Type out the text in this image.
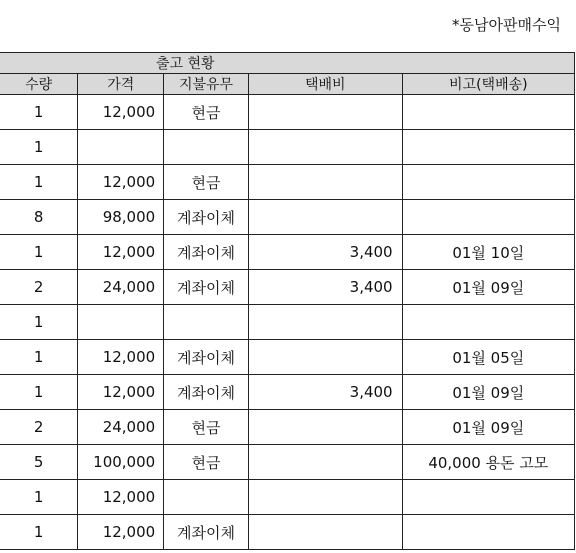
*동남아판매수익
출고 현황				
수량	가격	지불유무	택배비	비고(택배송)
1	12,000	현금		
1				
1	12,000	현금		
8	98,000	계좌이체		
1	12,000	계좌이체	3,400	01월 10일
2	24,000	계좌이체	3,400	01월 09일
1				
1	12,000	계좌이체		01월 05일
1	12,000	계좌이체	3,400	01월 09일
2	24,000	현금		01월 09일
5	100,000	현금		40,000 용돈 고모
1	12,000			
1	12,000	계좌이체		
